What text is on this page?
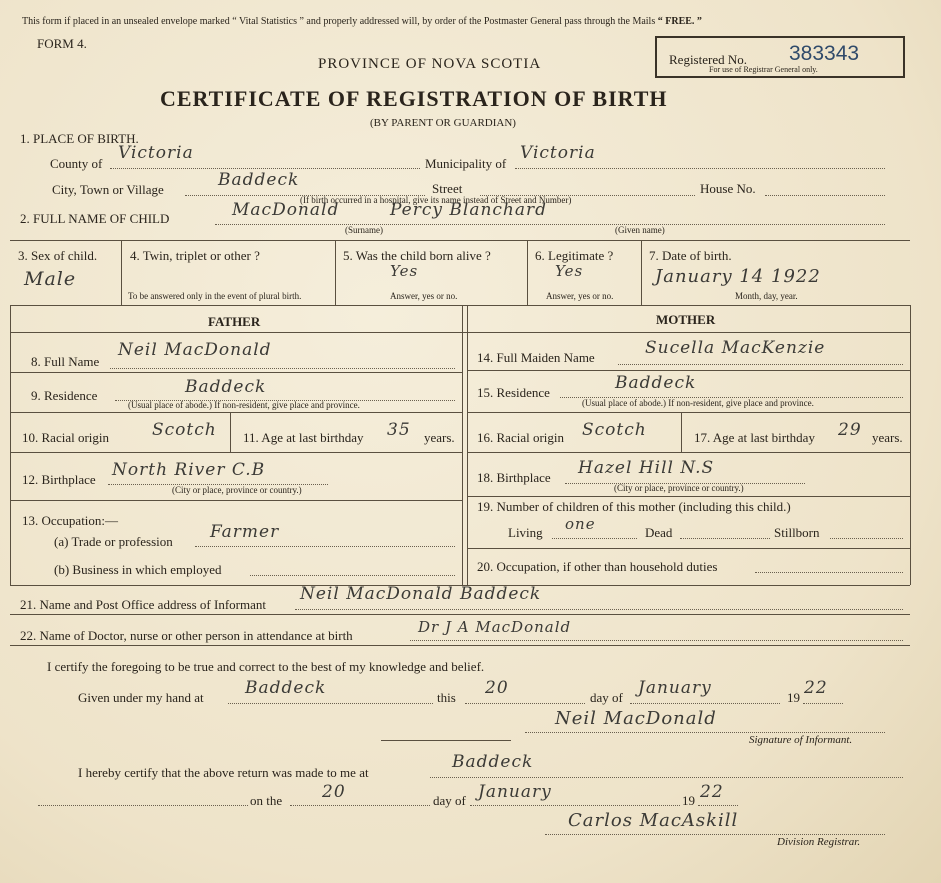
This form if placed in an unsealed envelope marked “ Vital Statistics ” and properly addressed will, by order of the Postmaster General pass through the Mails “ FREE. ”
FORM 4.
PROVINCE OF NOVA SCOTIA	Registered No. 383343
For use of Registrar General only.
CERTIFICATE OF REGISTRATION OF BIRTH
(BY PARENT OR GUARDIAN)
1. PLACE OF BIRTH.
County of
Victoria
Municipality of
Victoria
City, Town or Village	Baddeck	Street	House No.
(If birth occurred in a hospital, give its name instead of Street and Number)
2. FULL NAME OF CHILD	MacDonald	Percy Blanchard
(Surname)	(Given name)
3. Sex of child.
Male
4. Twin, triplet or other ?
To be answered only in the event of plural birth.
5. Was the child born alive ?
Yes
Answer, yes or no.
6. Legitimate ?
Yes
Answer, yes or no.
7. Date of birth.
January 14 1922
Month, day, year.
FATHER	MOTHER
8. Full Name
Neil MacDonald
9. Residence	Baddeck
(Usual place of abode.) If non-resident, give place and province.
10. Racial origin	Scotch 11. Age at last birthday 35 years.
12. Birthplace North River C.B
(City or place, province or country.)
13. Occupation:—
(a) Trade or profession Farmer
(b) Business in which employed
14. Full Maiden Name	Sucella MacKenzie
15. Residence	Baddeck
(Usual place of abode.) If non-resident, give place and province.
16. Racial origin Scotch	17. Age at last birthday 29 years.
18. Birthplace Hazel Hill N.S
(City or place, province or country.)
19. Number of children of this mother (including this child.)
Living one	Dead	Stillborn
20. Occupation, if other than household duties
21. Name and Post Office address of Informant
Neil MacDonald Baddeck
22. Name of Doctor, nurse or other person in attendance at birth	Dr J A MacDonald
I certify the foregoing to be true and correct to the best of my knowledge and belief.
Given under my hand at Baddeck	this 20	day of January	19 22
Neil MacDonald
Signature of Informant.
I hereby certify that the above return was made to me at
Baddeck
on the 20	day of January	19 22
Carlos MacAskill
Division Registrar.
